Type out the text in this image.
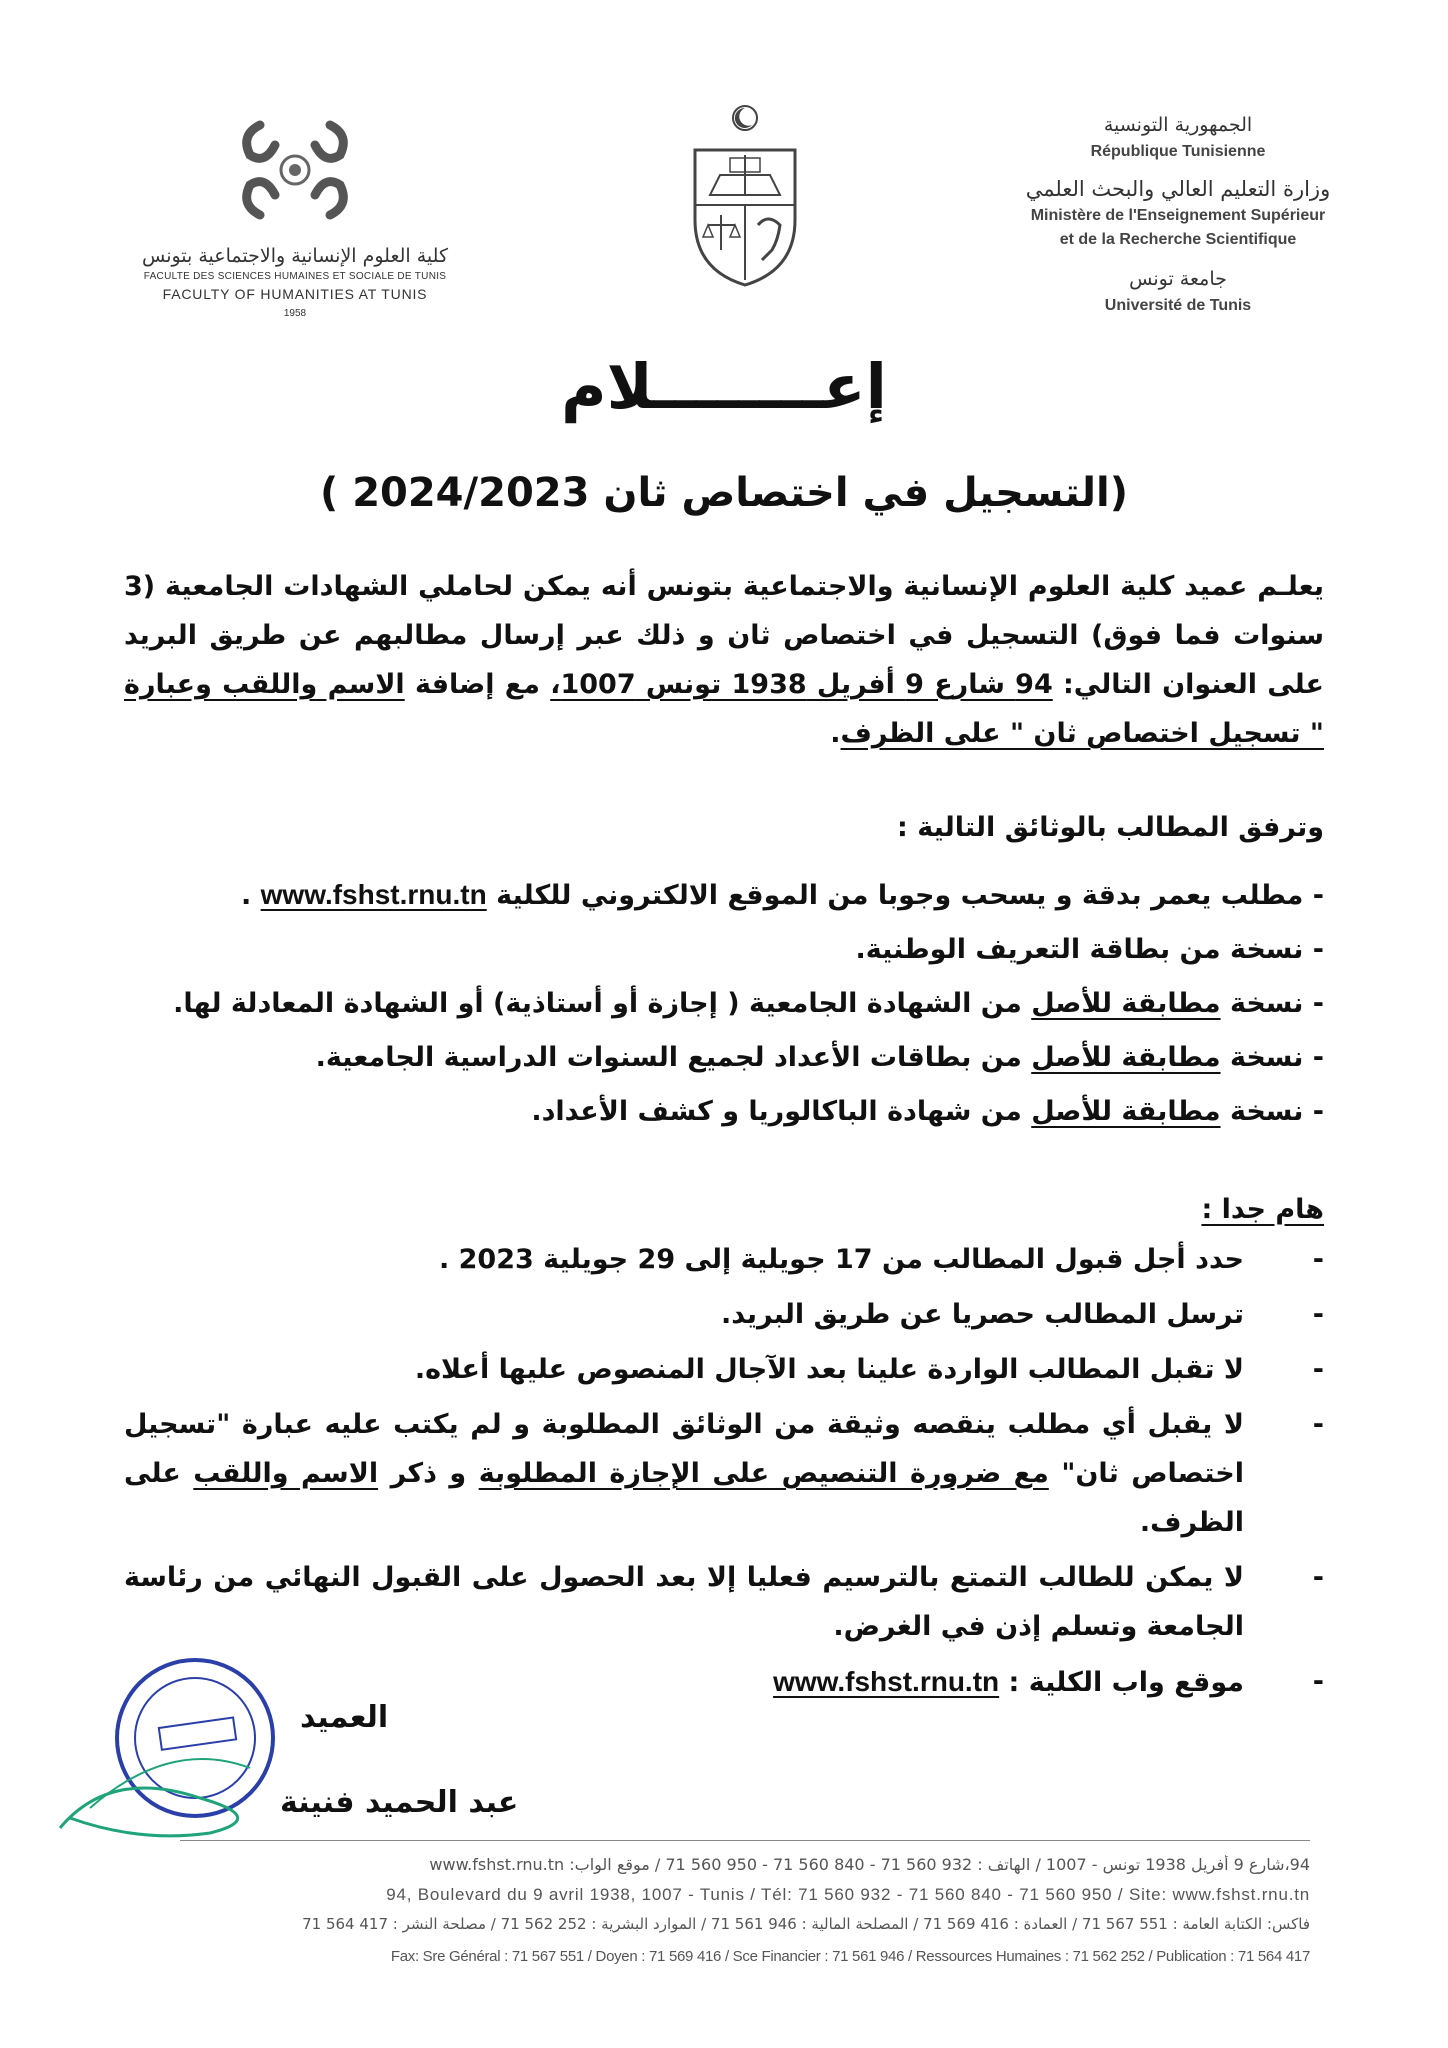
كلية العلوم الإنسانية والاجتماعية بتونس
FACULTE DES SCIENCES HUMAINES ET SOCIALE DE TUNIS
FACULTY OF HUMANITIES AT TUNIS
1958
الجمهورية التونسية
République Tunisienne
وزارة التعليم العالي والبحث العلمي
Ministère de l'Enseignement Supérieur
et de la Recherche Scientifique
جامعة تونس
Université de Tunis
إعــــــــلام
(التسجيل في اختصاص ثان 2024/2023 )
يعلـم عميد كلية العلوم الإنسانية والاجتماعية بتونس أنه يمكن لحاملي الشهادات الجامعية (3 سنوات فما فوق) التسجيل في اختصاص ثان و ذلك عبر إرسال مطالبهم عن طريق البريد على العنوان التالي: 94 شارع 9 أفريل 1938 تونس 1007، مع إضافة الاسم واللقب وعبارة " تسجيل اختصاص ثان " على الظرف.
وترفق المطالب بالوثائق التالية :
- مطلب يعمر بدقة و يسحب وجوبا من الموقع الالكتروني للكلية www.fshst.rnu.tn .
- نسخة من بطاقة التعريف الوطنية.
- نسخة مطابقة للأصل من الشهادة الجامعية ( إجازة أو أستاذية) أو الشهادة المعادلة لها.
- نسخة مطابقة للأصل من بطاقات الأعداد لجميع السنوات الدراسية الجامعية.
- نسخة مطابقة للأصل من شهادة الباكالوريا و كشف الأعداد.
هام جدا :
- حدد أجل قبول المطالب من 17 جويلية إلى 29 جويلية 2023 .
- ترسل المطالب حصريا عن طريق البريد.
- لا تقبل المطالب الواردة علينا بعد الآجال المنصوص عليها أعلاه.
- لا يقبل أي مطلب ينقصه وثيقة من الوثائق المطلوبة و لم يكتب عليه عبارة "تسجيل اختصاص ثان" مع ضرورة التنصيص على الإجازة المطلوبة و ذكر الاسم واللقب على الظرف.
- لا يمكن للطالب التمتع بالترسيم فعليا إلا بعد الحصول على القبول النهائي من رئاسة الجامعة وتسلم إذن في الغرض.
- موقع واب الكلية : www.fshst.rnu.tn
العميد
عبد الحميد فنينة
94،شارع 9 أفريل 1938 تونس - 1007 / الهاتف : 932 560 71 - 840 560 71 - 950 560 71 / موقع الواب: www.fshst.rnu.tn
94, Boulevard du 9 avril 1938, 1007 - Tunis / Tél: 71 560 932 - 71 560 840 - 71 560 950 / Site: www.fshst.rnu.tn
فاكس: الكتابة العامة : 551 567 71 / العمادة : 416 569 71 / المصلحة المالية : 946 561 71 / الموارد البشرية : 252 562 71 / مصلحة النشر : 417 564 71
Fax: Sre Général : 71 567 551 / Doyen : 71 569 416 / Sce Financier : 71 561 946 / Ressources Humaines : 71 562 252 / Publication : 71 564 417
